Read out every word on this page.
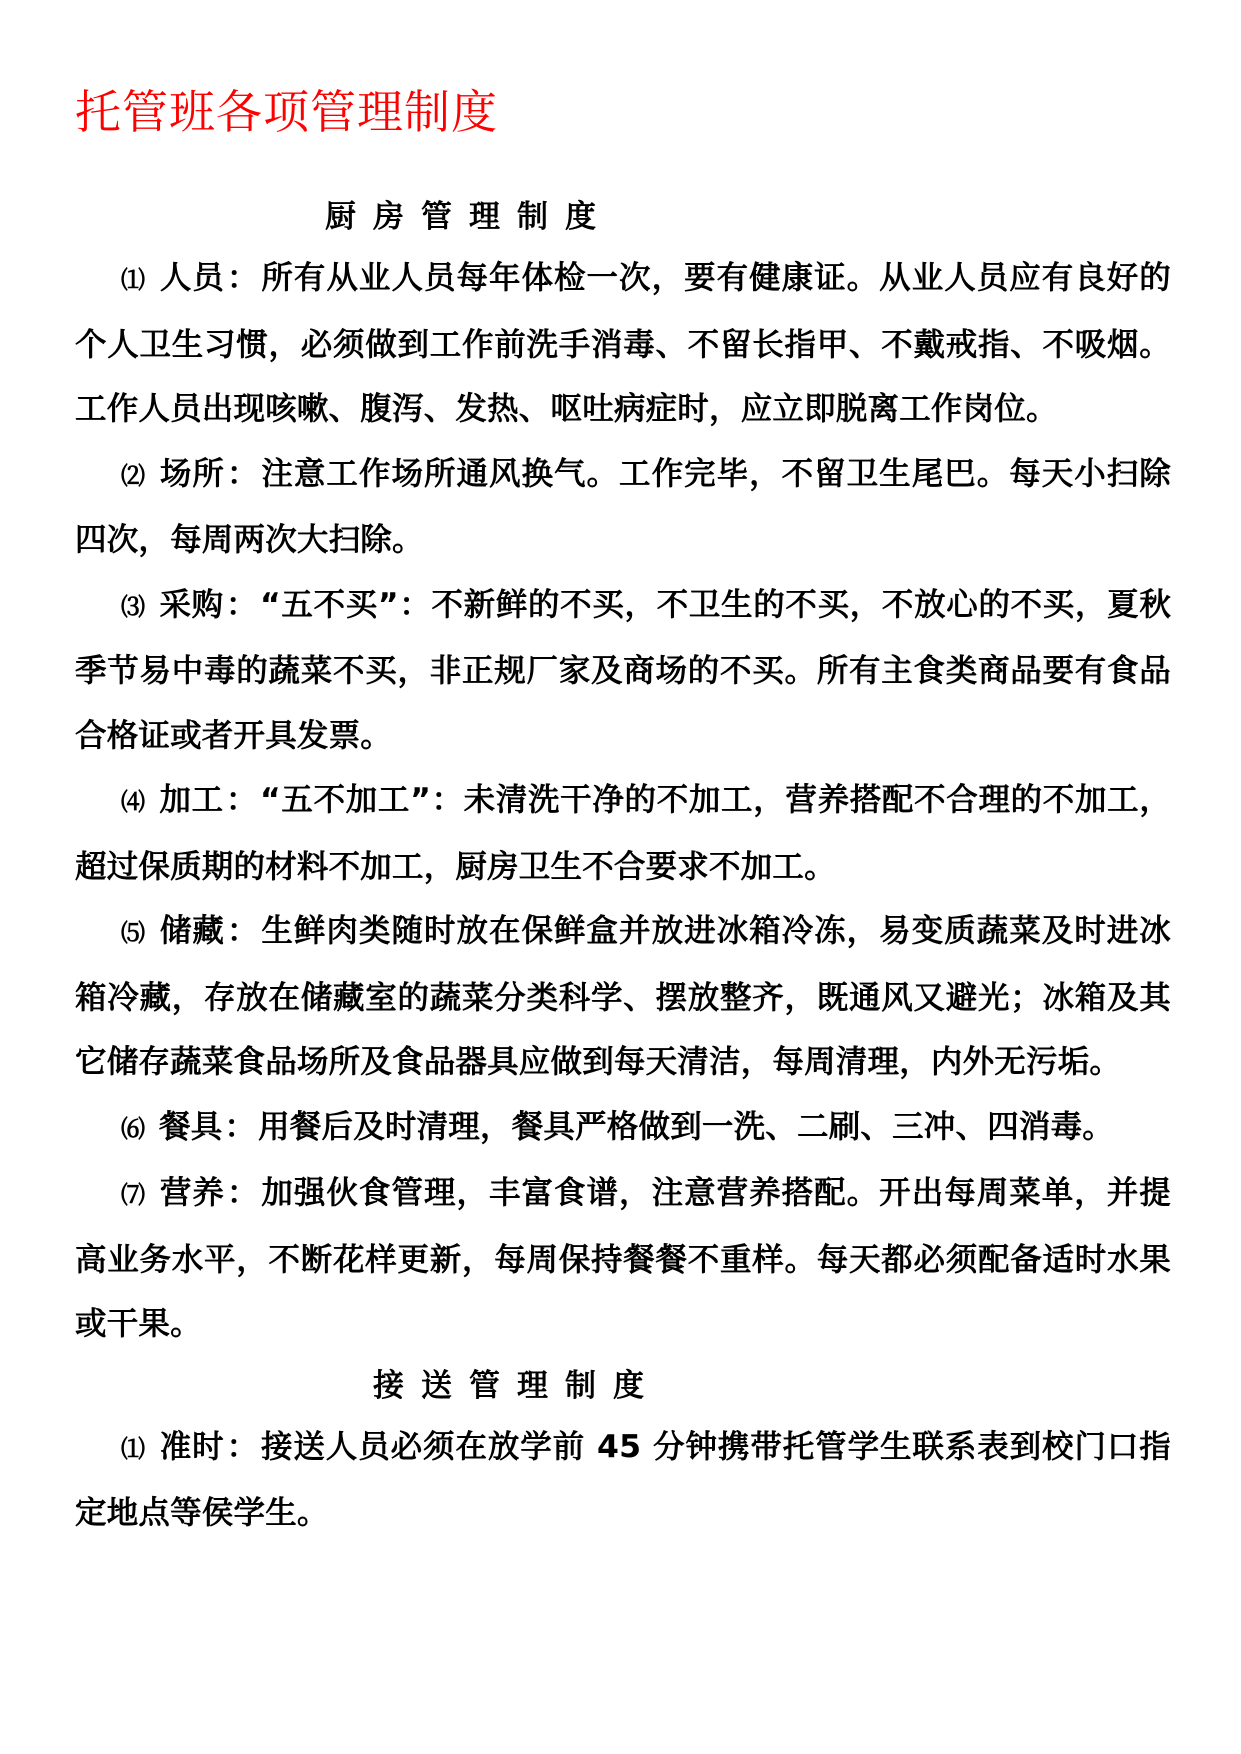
托管班各项管理制度
厨房管理制度

⑴ 人员：所有从业人员每年体检一次，要有健康证。从业人员应有良好的个人卫生习惯，必须做到工作前洗手消毒、不留长指甲、不戴戒指、不吸烟。工作人员出现咳嗽、腹泻、发热、呕吐病症时，应立即脱离工作岗位。

⑵ 场所：注意工作场所通风换气。工作完毕，不留卫生尾巴。每天小扫除四次，每周两次大扫除。

⑶ 采购：“五不买”：不新鲜的不买，不卫生的不买，不放心的不买，夏秋季节易中毒的蔬菜不买，非正规厂家及商场的不买。所有主食类商品要有食品合格证或者开具发票。

⑷ 加工：“五不加工”：未清洗干净的不加工，营养搭配不合理的不加工，超过保质期的材料不加工，厨房卫生不合要求不加工。

⑸ 储藏：生鲜肉类随时放在保鲜盒并放进冰箱冷冻，易变质蔬菜及时进冰箱冷藏，存放在储藏室的蔬菜分类科学、摆放整齐，既通风又避光；冰箱及其它储存蔬菜食品场所及食品器具应做到每天清洁，每周清理，内外无污垢。

⑹ 餐具：用餐后及时清理，餐具严格做到一洗、二刷、三冲、四消毒。

⑺ 营养：加强伙食管理，丰富食谱，注意营养搭配。开出每周菜单，并提高业务水平，不断花样更新，每周保持餐餐不重样。每天都必须配备适时水果或干果。

接送管理制度

⑴ 准时：接送人员必须在放学前 45 分钟携带托管学生联系表到校门口指定地点等侯学生。
